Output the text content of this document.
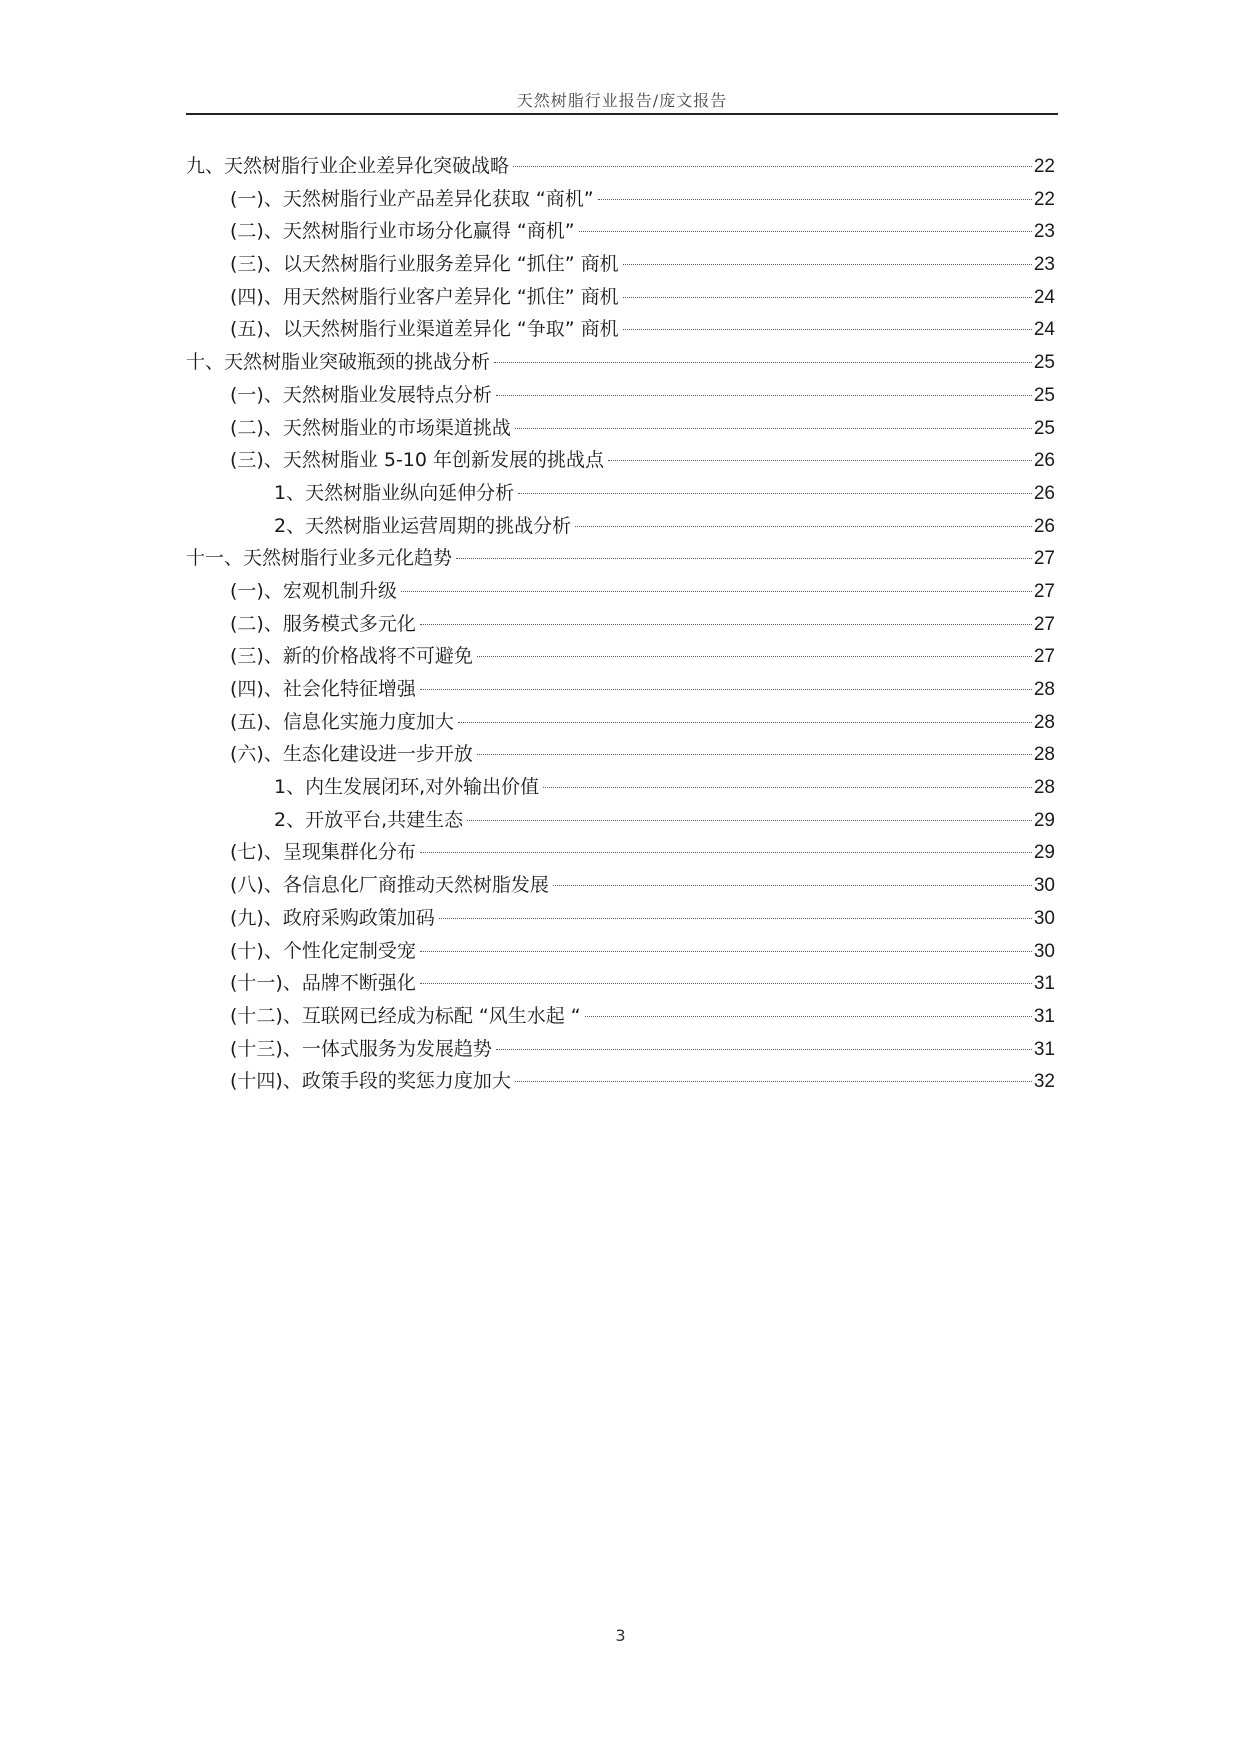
天然树脂行业报告/庞文报告
九、天然树脂行业企业差异化突破战略	22
(一)、天然树脂行业产品差异化获取 “商机”	22
(二)、天然树脂行业市场分化赢得 “商机”	23
(三)、以天然树脂行业服务差异化 “抓住” 商机	23
(四)、用天然树脂行业客户差异化 “抓住” 商机	24
(五)、以天然树脂行业渠道差异化 “争取” 商机	24
十、天然树脂业突破瓶颈的挑战分析	25
(一)、天然树脂业发展特点分析	25
(二)、天然树脂业的市场渠道挑战	25
(三)、天然树脂业 5-10 年创新发展的挑战点	26
1、天然树脂业纵向延伸分析	26
2、天然树脂业运营周期的挑战分析	26
十一、天然树脂行业多元化趋势	27
(一)、宏观机制升级	27
(二)、服务模式多元化	27
(三)、新的价格战将不可避免	27
(四)、社会化特征增强	28
(五)、信息化实施力度加大	28
(六)、生态化建设进一步开放	28
1、内生发展闭环,对外输出价值	28
2、开放平台,共建生态	29
(七)、呈现集群化分布	29
(八)、各信息化厂商推动天然树脂发展	30
(九)、政府采购政策加码	30
(十)、个性化定制受宠	30
(十一)、品牌不断强化	31
(十二)、互联网已经成为标配 “风生水起 “	31
(十三)、一体式服务为发展趋势	31
(十四)、政策手段的奖惩力度加大	32
3
